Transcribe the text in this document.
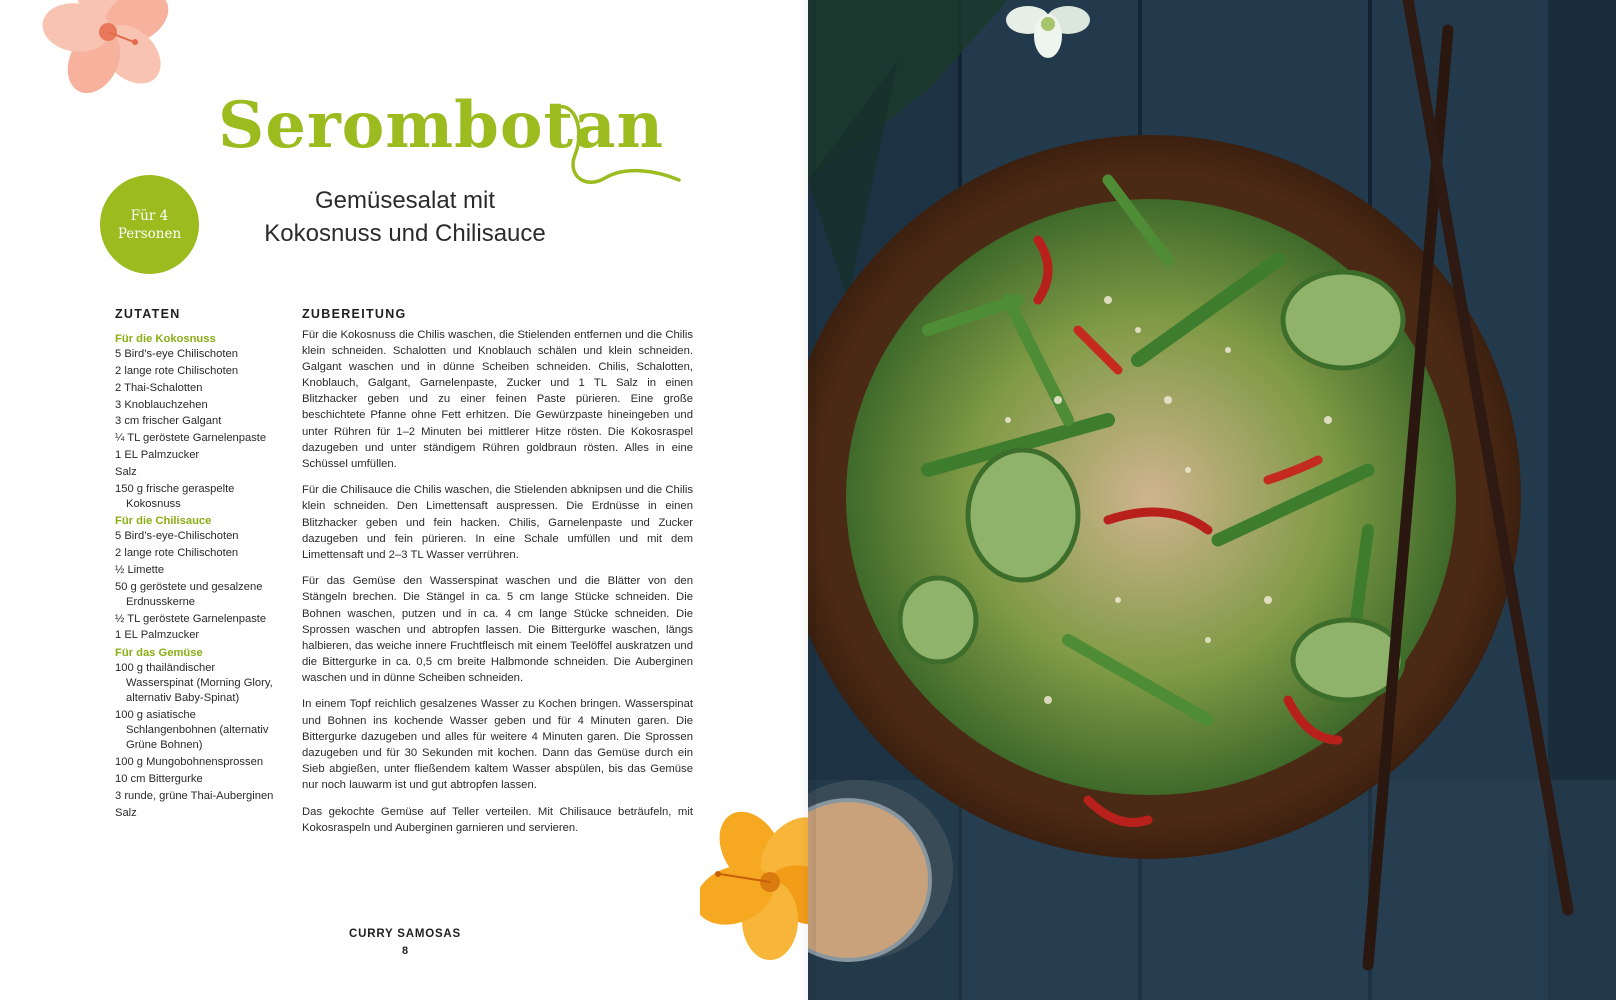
Serombotan
Gemüsesalat mit
Kokosnuss und Chilisauce
Für 4
Personen
ZUTATEN	ZUBEREITUNG
Für die Kokosnuss
5 Bird’s-eye Chilischoten
2 lange rote Chilischoten
2 Thai-Schalotten
3 Knoblauchzehen
3 cm frischer Galgant
¼ TL geröstete Garnelenpaste
1 EL Palmzucker
Salz
150 g frische geraspelte Kokosnuss
Für die Chilisauce
5 Bird’s-eye-Chilischoten
2 lange rote Chilischoten
½ Limette
50 g geröstete und gesalzene Erdnusskerne
½ TL geröstete Garnelenpaste
1 EL Palmzucker
Für das Gemüse
100 g thailändischer Wasserspinat (Morning Glory, alternativ Baby-Spinat)
100 g asiatische Schlangenbohnen (alternativ Grüne Bohnen)
100 g Mungobohnensprossen
10 cm Bittergurke
3 runde, grüne Thai-Auberginen
Salz

Für die Kokosnuss die Chilis waschen, die Stielenden entfernen und die Chilis klein schneiden. Schalotten und Knoblauch schälen und klein schneiden. Galgant waschen und in dünne Scheiben schneiden. Chilis, Schalotten, Knoblauch, Galgant, Garnelenpaste, Zucker und 1 TL Salz in einen Blitzhacker geben und zu einer feinen Paste pürieren. Eine große beschichtete Pfanne ohne Fett erhitzen. Die Gewürzpaste hineingeben und unter Rühren für 1–2 Minuten bei mittlerer Hitze rösten. Die Kokosraspel dazugeben und unter ständigem Rühren goldbraun rösten. Alles in eine Schüssel umfüllen.

Für die Chilisauce die Chilis waschen, die Stielenden abknipsen und die Chilis klein schneiden. Den Limettensaft auspressen. Die Erdnüsse in einen Blitzhacker geben und fein hacken. Chilis, Garnelenpaste und Zucker dazugeben und fein pürieren. In eine Schale umfüllen und mit dem Limettensaft und 2–3 TL Wasser verrühren.

Für das Gemüse den Wasserspinat waschen und die Blätter von den Stängeln brechen. Die Stängel in ca. 5 cm lange Stücke schneiden. Die Bohnen waschen, putzen und in ca. 4 cm lange Stücke schneiden. Die Sprossen waschen und abtropfen lassen. Die Bittergurke waschen, längs halbieren, das weiche innere Fruchtfleisch mit einem Teelöffel auskratzen und die Bittergurke in ca. 0,5 cm breite Halbmonde schneiden. Die Auberginen waschen und in dünne Scheiben schneiden.

In einem Topf reichlich gesalzenes Wasser zu Kochen bringen. Wasserspinat und Bohnen ins kochende Wasser geben und für 4 Minuten garen. Die Bittergurke dazugeben und alles für weitere 4 Minuten garen. Die Sprossen dazugeben und für 30 Sekunden mit kochen. Dann das Gemüse durch ein Sieb abgießen, unter fließendem kaltem Wasser abspülen, bis das Gemüse nur noch lauwarm ist und gut abtropfen lassen.

Das gekochte Gemüse auf Teller verteilen. Mit Chilisauce beträufeln, mit Kokosraspeln und Auberginen garnieren und servieren.

CURRY SAMOSAS
8
